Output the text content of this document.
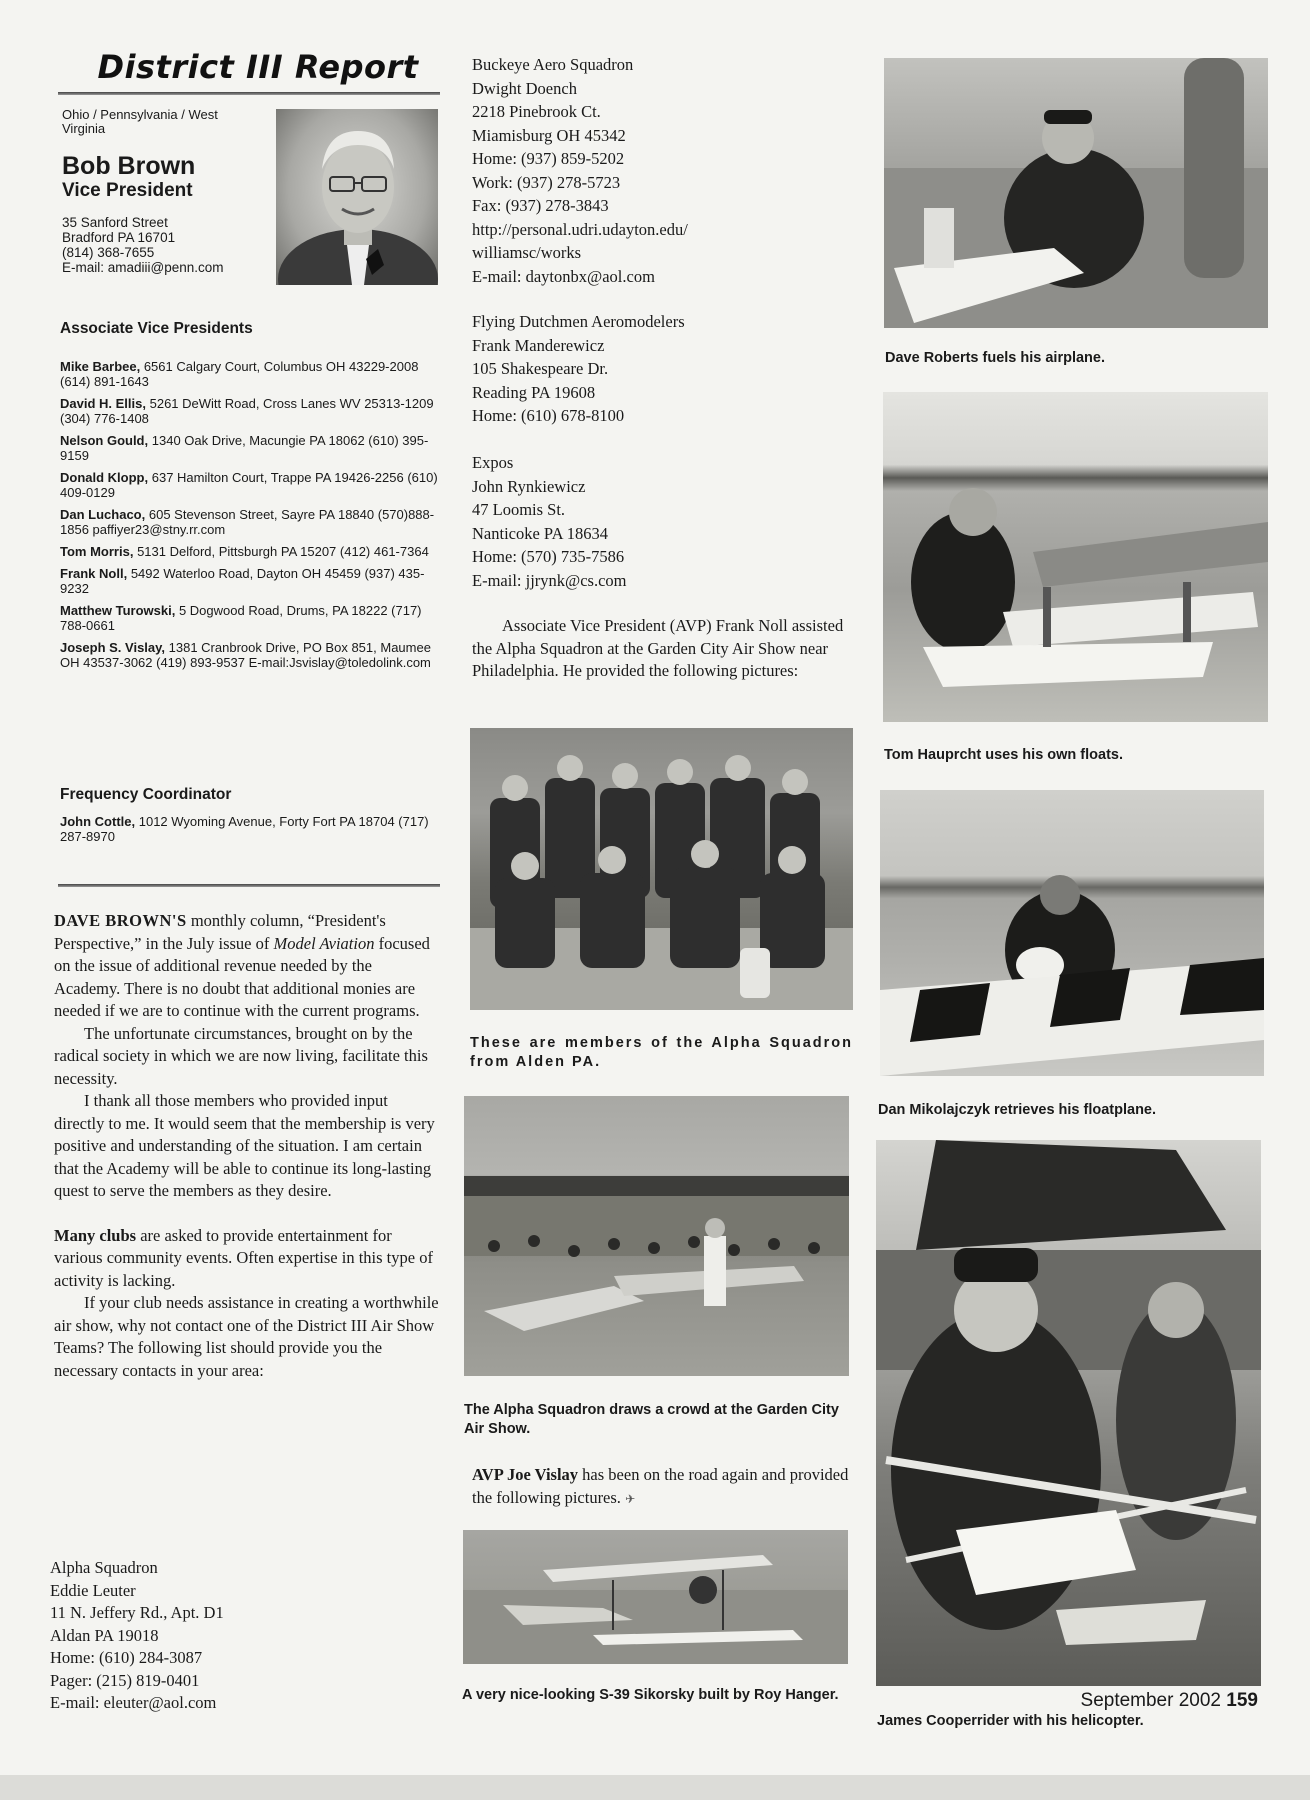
District III Report
Ohio / Pennsylvania / West Virginia
Bob Brown
Vice President
35 Sanford Street
Bradford PA 16701
(814) 368-7655
E-mail: amadiii@penn.com
Associate Vice Presidents
Mike Barbee, 6561 Calgary Court, Columbus OH 43229-2008 (614) 891-1643
David H. Ellis, 5261 DeWitt Road, Cross Lanes WV 25313-1209 (304) 776-1408
Nelson Gould, 1340 Oak Drive, Macungie PA 18062 (610) 395-9159
Donald Klopp, 637 Hamilton Court, Trappe PA 19426-2256 (610) 409-0129
Dan Luchaco, 605 Stevenson Street, Sayre PA 18840 (570)888-1856 paffiyer23@stny.rr.com
Tom Morris, 5131 Delford, Pittsburgh PA 15207 (412) 461-7364
Frank Noll, 5492 Waterloo Road, Dayton OH 45459 (937) 435-9232
Matthew Turowski, 5 Dogwood Road, Drums, PA 18222 (717) 788-0661
Joseph S. Vislay, 1381 Cranbrook Drive, PO Box 851, Maumee OH 43537-3062 (419) 893-9537 E-mail:Jsvislay@toledolink.com
Frequency Coordinator
John Cottle, 1012 Wyoming Avenue, Forty Fort PA 18704 (717) 287-8970

DAVE BROWN'S monthly column, “President's Perspective,” in the July issue of Model Aviation focused on the issue of additional revenue needed by the Academy. There is no doubt that additional monies are needed if we are to continue with the current programs.

The unfortunate circumstances, brought on by the radical society in which we are now living, facilitate this necessity.

I thank all those members who provided input directly to me. It would seem that the membership is very positive and understanding of the situation. I am certain that the Academy will be able to continue its long-lasting quest to serve the members as they desire.

Many clubs are asked to provide entertainment for various community events. Often expertise in this type of activity is lacking.

If your club needs assistance in creating a worthwhile air show, why not contact one of the District III Air Show Teams? The following list should provide you the necessary contacts in your area:

Alpha Squadron
Eddie Leuter
11 N. Jeffery Rd., Apt. D1
Aldan PA 19018
Home: (610) 284-3087
Pager: (215) 819-0401
E-mail: eleuter@aol.com
Buckeye Aero Squadron
Dwight Doench
2218 Pinebrook Ct.
Miamisburg OH 45342
Home: (937) 859-5202
Work: (937) 278-5723
Fax: (937) 278-3843
http://personal.udri.udayton.edu/
williamsc/works
E-mail: daytonbx@aol.com
Flying Dutchmen Aeromodelers
Frank Manderewicz
105 Shakespeare Dr.
Reading PA 19608
Home: (610) 678-8100
Expos
John Rynkiewicz
47 Loomis St.
Nanticoke PA 18634
Home: (570) 735-7586
E-mail: jjrynk@cs.com
Associate Vice President (AVP) Frank Noll assisted the Alpha Squadron at the Garden City Air Show near Philadelphia. He provided the following pictures:
These are members of the Alpha Squadron from Alden PA.
The Alpha Squadron draws a crowd at the Garden City Air Show.
AVP Joe Vislay has been on the road again and provided the following pictures. ✈
A very nice-looking S-39 Sikorsky built by Roy Hanger.
Dave Roberts fuels his airplane.
Tom Hauprcht uses his own floats.
Dan Mikolajczyk retrieves his floatplane.
James Cooperrider with his helicopter.
September 2002 159
